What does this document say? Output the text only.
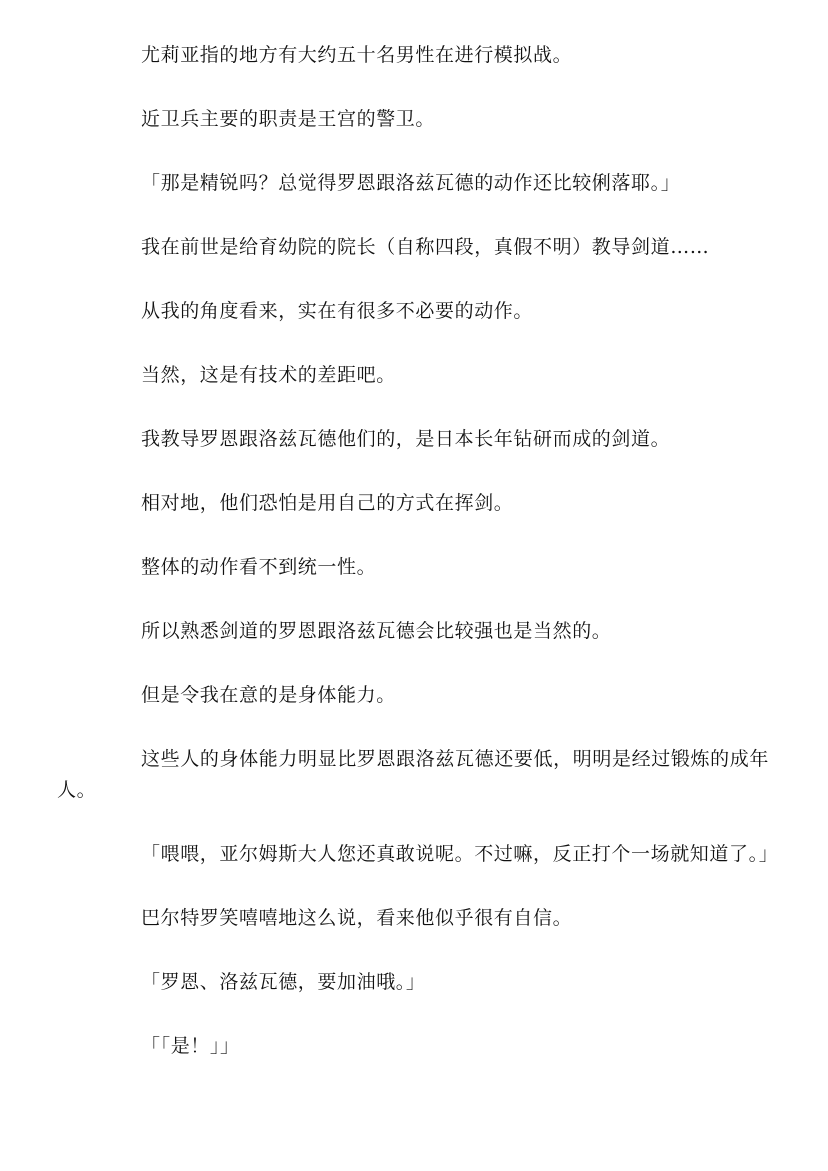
尤莉亚指的地方有大约五十名男性在进行模拟战。

近卫兵主要的职责是王宫的警卫。

「那是精锐吗？总觉得罗恩跟洛兹瓦德的动作还比较俐落耶。」

我在前世是给育幼院的院长（自称四段，真假不明）教导剑道……

从我的角度看来，实在有很多不必要的动作。

当然，这是有技术的差距吧。

我教导罗恩跟洛兹瓦德他们的，是日本长年钻研而成的剑道。

相对地，他们恐怕是用自己的方式在挥剑。

整体的动作看不到统一性。

所以熟悉剑道的罗恩跟洛兹瓦德会比较强也是当然的。

但是令我在意的是身体能力。

这些人的身体能力明显比罗恩跟洛兹瓦德还要低，明明是经过锻炼的成年人。

「喂喂，亚尔姆斯大人您还真敢说呢。不过嘛，反正打个一场就知道了。」

巴尔特罗笑嘻嘻地这么说，看来他似乎很有自信。

「罗恩、洛兹瓦德，要加油哦。」

「「是！」」
